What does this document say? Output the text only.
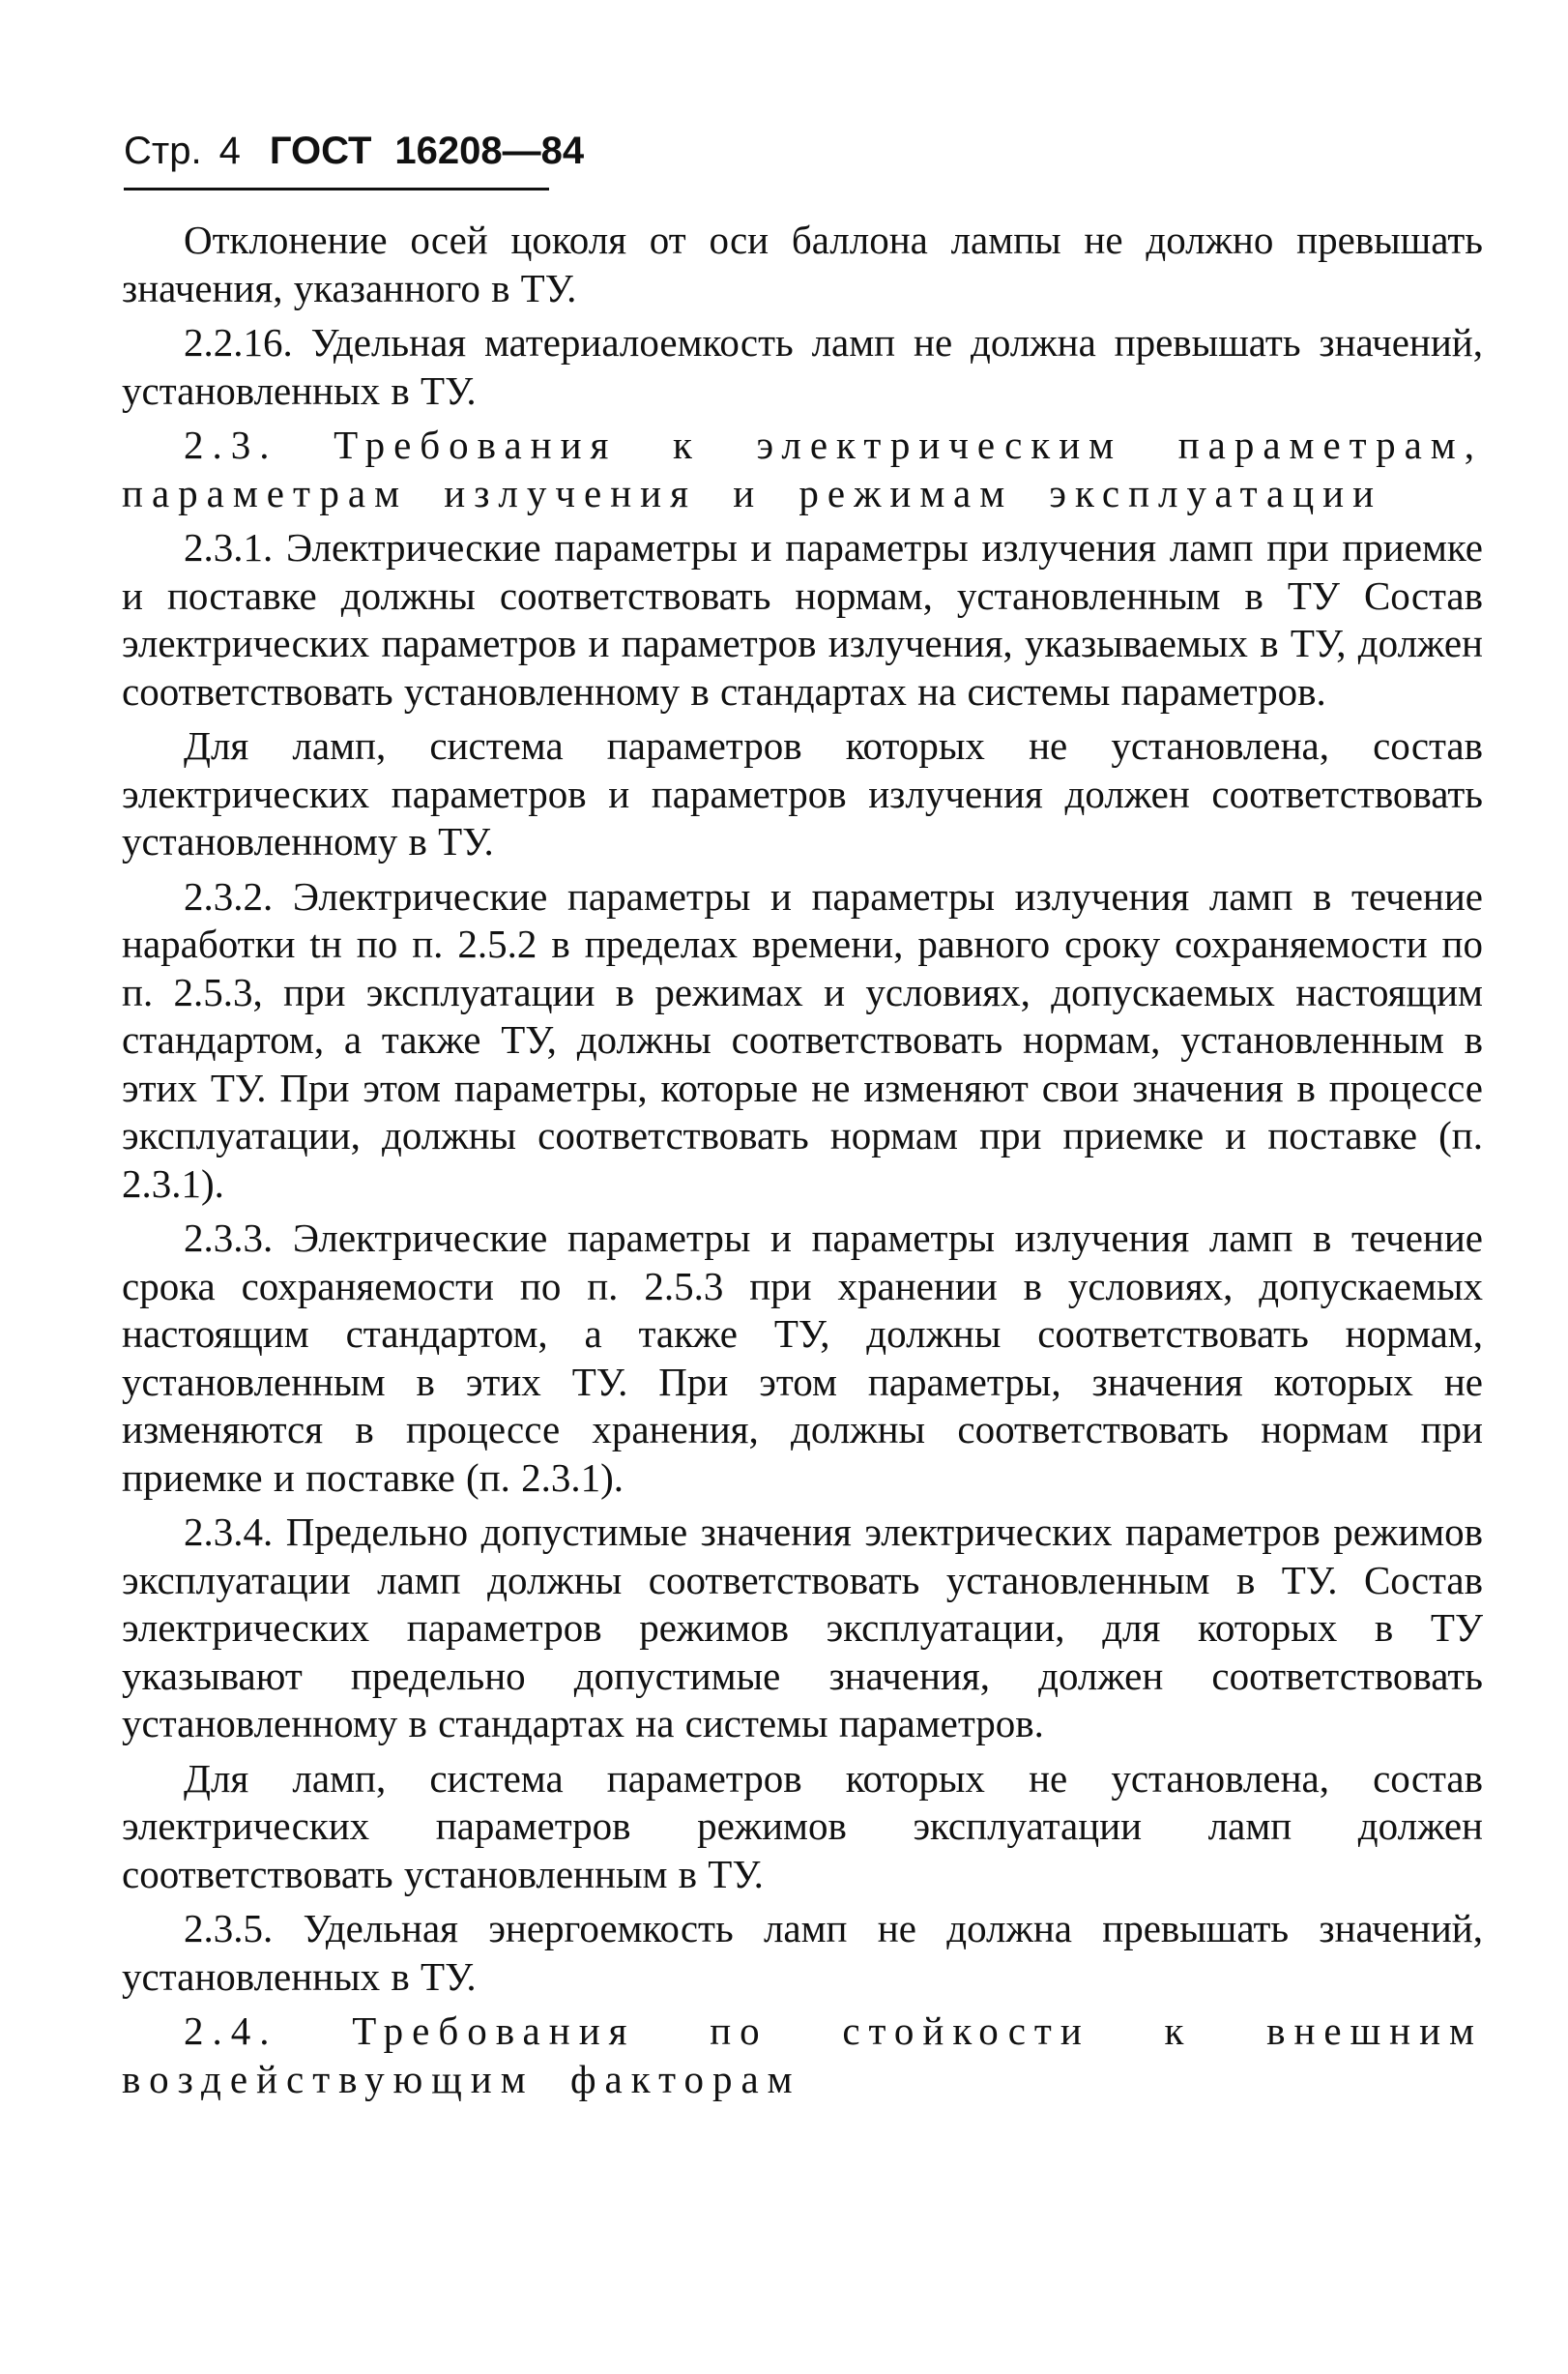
Стр. 4 ГОСТ 16208—84

Отклонение осей цоколя от оси баллона лампы не должно превышать значения, указанного в ТУ.

2.2.16. Удельная материалоемкость ламп не должна превышать значений, установленных в ТУ.

2.3. Требования к электрическим параметрам, параметрам излучения и режимам эксплуатации

2.3.1. Электрические параметры и параметры излучения ламп при приемке и поставке должны соответствовать нормам, установленным в ТУ Состав электрических параметров и параметров излучения, указываемых в ТУ, должен соответствовать установленному в стандартах на системы параметров.

Для ламп, система параметров которых не установлена, состав электрических параметров и параметров излучения должен соответствовать установленному в ТУ.

2.3.2. Электрические параметры и параметры излучения ламп в течение наработки tн по п. 2.5.2 в пределах времени, равного сроку сохраняемости по п. 2.5.3, при эксплуатации в режимах и условиях, допускаемых настоящим стандартом, а также ТУ, должны соответствовать нормам, установленным в этих ТУ. При этом параметры, которые не изменяют свои значения в процессе эксплуатации, должны соответствовать нормам при приемке и поставке (п. 2.3.1).

2.3.3. Электрические параметры и параметры излучения ламп в течение срока сохраняемости по п. 2.5.3 при хранении в условиях, допускаемых настоящим стандартом, а также ТУ, должны соответствовать нормам, установленным в этих ТУ. При этом параметры, значения которых не изменяются в процессе хранения, должны соответствовать нормам при приемке и поставке (п. 2.3.1).

2.3.4. Предельно допустимые значения электрических параметров режимов эксплуатации ламп должны соответствовать установленным в ТУ. Состав электрических параметров режимов эксплуатации, для которых в ТУ указывают предельно допустимые значения, должен соответствовать установленному в стандартах на системы параметров.

Для ламп, система параметров которых не установлена, состав электрических параметров режимов эксплуатации ламп должен соответствовать установленным в ТУ.

2.3.5. Удельная энергоемкость ламп не должна превышать значений, установленных в ТУ.

2.4. Требования по стойкости к внешним воздействующим факторам
